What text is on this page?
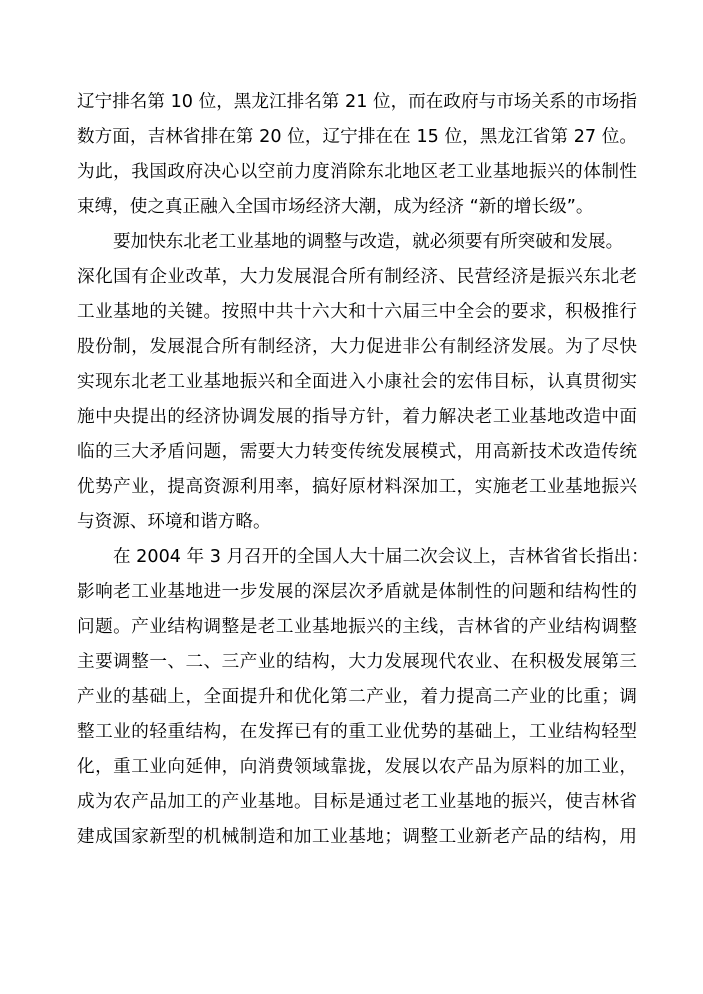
辽宁排名第 10 位，黑龙江排名第 21 位，而在政府与市场关系的市场指
数方面，吉林省排在第 20 位，辽宁排在在 15 位，黑龙江省第 27 位。
为此，我国政府决心以空前力度消除东北地区老工业基地振兴的体制性
束缚，使之真正融入全国市场经济大潮，成为经济 “新的增长级”。
要加快东北老工业基地的调整与改造，就必须要有所突破和发展。
深化国有企业改革，大力发展混合所有制经济、民营经济是振兴东北老
工业基地的关键。按照中共十六大和十六届三中全会的要求，积极推行
股份制，发展混合所有制经济，大力促进非公有制经济发展。为了尽快
实现东北老工业基地振兴和全面进入小康社会的宏伟目标，认真贯彻实
施中央提出的经济协调发展的指导方针，着力解决老工业基地改造中面
临的三大矛盾问题，需要大力转变传统发展模式，用高新技术改造传统
优势产业，提高资源利用率，搞好原材料深加工，实施老工业基地振兴
与资源、环境和谐方略。
在 2004 年 3 月召开的全国人大十届二次会议上，吉林省省长指出：
影响老工业基地进一步发展的深层次矛盾就是体制性的问题和结构性的
问题。产业结构调整是老工业基地振兴的主线，吉林省的产业结构调整
主要调整一、二、三产业的结构，大力发展现代农业、在积极发展第三
产业的基础上，全面提升和优化第二产业，着力提高二产业的比重；调
整工业的轻重结构，在发挥已有的重工业优势的基础上，工业结构轻型
化，重工业向延伸，向消费领域靠拢，发展以农产品为原料的加工业，
成为农产品加工的产业基地。目标是通过老工业基地的振兴，使吉林省
建成国家新型的机械制造和加工业基地；调整工业新老产品的结构，用
